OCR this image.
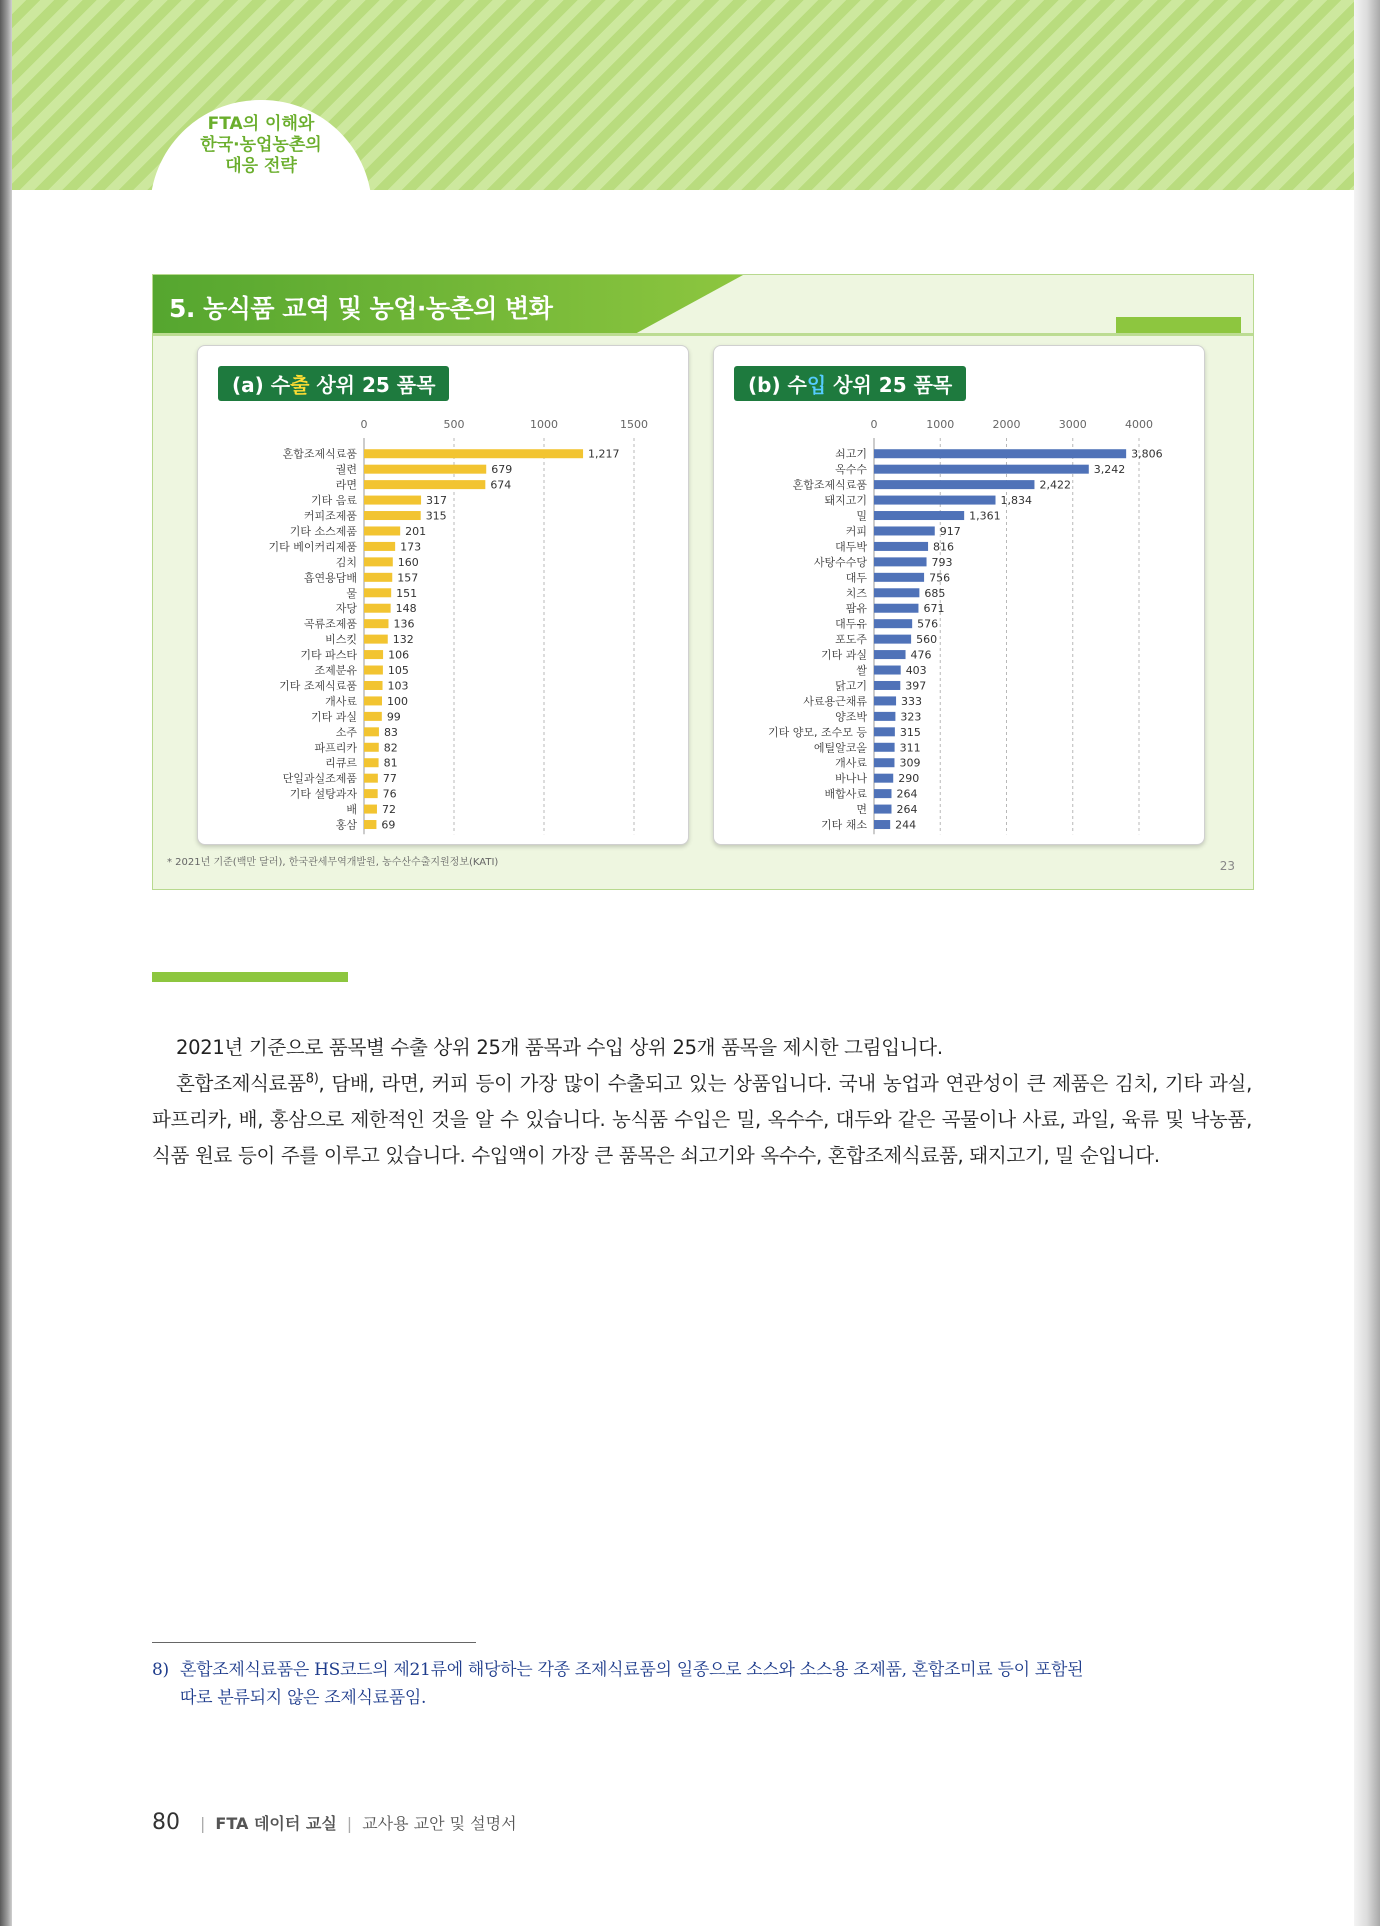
FTA의 이해와
한국·농업농촌의
대응 전략
5. 농식품 교역 및 농업·농촌의 변화
(a) 수출 상위 25 품목
0	500	1000	1500
혼합조제식료품	1,217
궐련	679
라면	674
기타 음료	317
커피조제품	315
기타 소스제품	201
기타 베이커리제품	173
김치	160
흡연용담배	157
물	151
자당	148
곡류조제품	136
비스킷	132
기타 파스타	106
조제분유	105
기타 조제식료품	103
개사료	100
기타 과실	99
소주 83
파프리카 82
리큐르 81
단일과실조제품 77
기타 설탕과자 76
배 72
홍삼 69
(b) 수입 상위 25 품목
0	1000	2000	3000	4000
쇠고기	3,806
옥수수	3,242
혼합조제식료품	2,422
돼지고기	1,834
밀	1,361
커피	917
대두박	816
사탕수수당	793
대두	756
치즈	685
팜유	671
대두유	576
포도주	560
기타 과실	476
쌀	403
닭고기	397
사료용근채류	333
양조박	323
기타 양모, 조수모 등	315
에틸알코올	311
개사료	309
바나나	290
배합사료	264
면	264
기타 채소	244
* 2021년 기준(백만 달러), 한국관세무역개발원, 농수산수출지원정보(KATI)	23

2021년 기준으로 품목별 수출 상위 25개 품목과 수입 상위 25개 품목을 제시한 그림입니다.

혼합조제식료품$^{8)}$, 담배, 라면, 커피 등이 가장 많이 수출되고 있는 상품입니다. 국내 농업과 연관성이 큰 제품은 김치, 기타 과실, 파프리카, 배, 홍삼으로 제한적인 것을 알 수 있습니다. 농식품 수입은 밀, 옥수수, 대두와 같은 곡물이나 사료, 과일, 육류 및 낙농품, 식품 원료 등이 주를 이루고 있습니다. 수입액이 가장 큰 품목은 쇠고기와 옥수수, 혼합조제식료품, 돼지고기, 밀 순입니다.

8) 혼합조제식료품은 HS코드의 제21류에 해당하는 각종 조제식료품의 일종으로 소스와 소스용 조제품, 혼합조미료 등이 포함된
따로 분류되지 않은 조제식료품임.
80 | FTA 데이터 교실 | 교사용 교안 및 설명서
